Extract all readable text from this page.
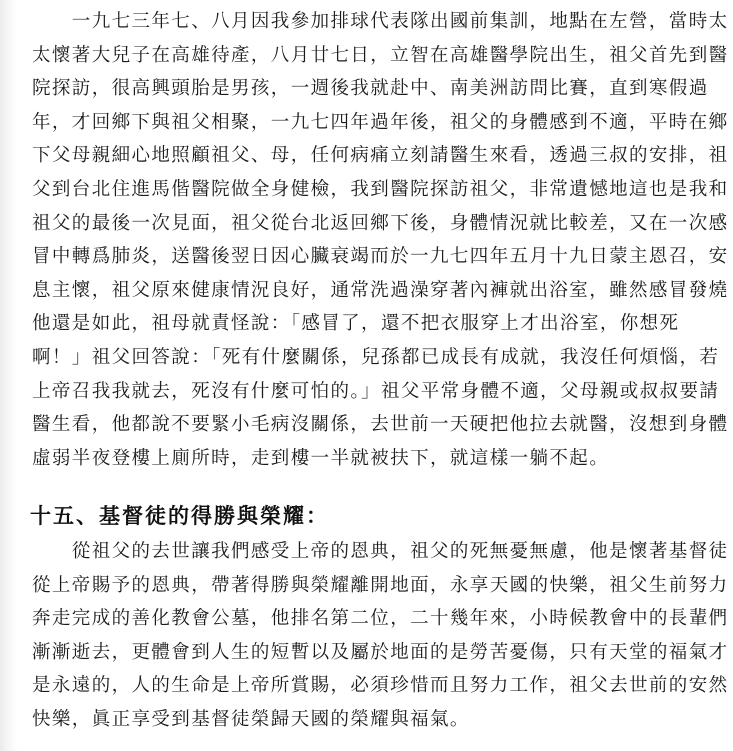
　　一九七三年七、八月因我參加排球代表隊出國前集訓，地點在左營，當時太
太懷著大兒子在高雄待產，八月廿七日，立智在高雄醫學院出生，祖父首先到醫
院探訪，很高興頭胎是男孩，一週後我就赴中、南美洲訪問比賽，直到寒假過
年，才回鄉下與祖父相聚，一九七四年過年後，祖父的身體感到不適，平時在鄉
下父母親細心地照顧祖父、母，任何病痛立刻請醫生來看，透過三叔的安排，祖
父到台北住進馬偕醫院做全身健檢，我到醫院探訪祖父，非常遺憾地這也是我和
祖父的最後一次見面，祖父從台北返回鄉下後，身體情況就比較差，又在一次感
冒中轉爲肺炎，送醫後翌日因心臟衰竭而於一九七四年五月十九日蒙主恩召，安
息主懷，祖父原來健康情況良好，通常洗過澡穿著內褲就出浴室，雖然感冒發燒
他還是如此，祖母就責怪說：「感冒了，還不把衣服穿上才出浴室，你想死
啊！」祖父回答說：「死有什麼關係，兒孫都已成長有成就，我沒任何煩惱，若
上帝召我我就去，死沒有什麼可怕的。」祖父平常身體不適，父母親或叔叔要請
醫生看，他都說不要緊小毛病沒關係，去世前一天硬把他拉去就醫，沒想到身體
虛弱半夜登樓上廁所時，走到樓一半就被扶下，就這樣一躺不起。
十五、基督徒的得勝與榮耀：
　　從祖父的去世讓我們感受上帝的恩典，祖父的死無憂無慮，他是懷著基督徒
從上帝賜予的恩典，帶著得勝與榮耀離開地面，永享天國的快樂，祖父生前努力
奔走完成的善化教會公墓，他排名第二位，二十幾年來，小時候教會中的長輩們
漸漸逝去，更體會到人生的短暫以及屬於地面的是勞苦憂傷，只有天堂的福氣才
是永遠的，人的生命是上帝所賞賜，必須珍惜而且努力工作，祖父去世前的安然
快樂，眞正享受到基督徒榮歸天國的榮耀與福氣。
